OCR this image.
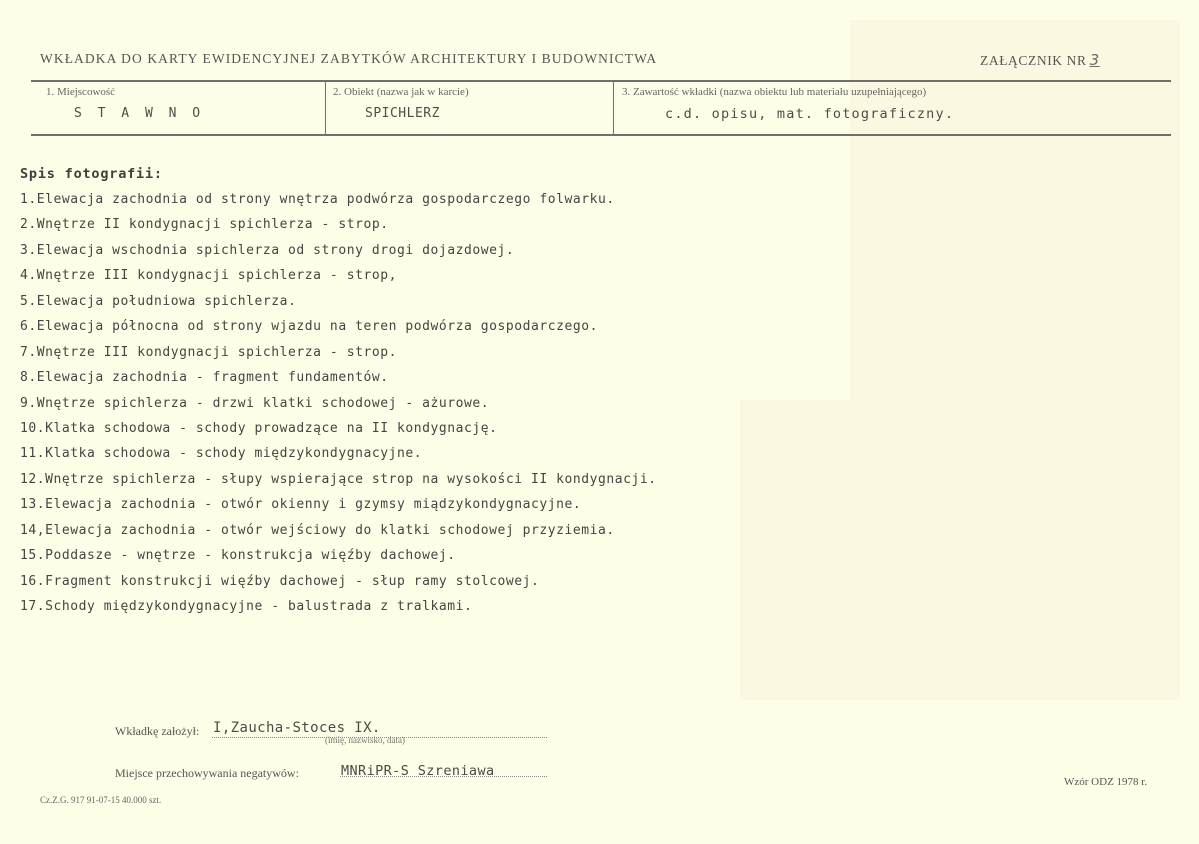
WKŁADKA DO KARTY EWIDENCYJNEJ ZABYTKÓW ARCHITEKTURY I BUDOWNICTWA	ZAŁĄCZNIK NR 3
1. Miejscowość
S T A W N O
2. Obiekt (nazwa jak w karcie)
SPICHLERZ
3. Zawartość wkładki (nazwa obiektu lub materiału uzupełniającego)
c.d. opisu, mat. fotograficzny.
Spis fotografii:
1.Elewacja zachodnia od strony wnętrza podwórza gospodarczego folwarku.
2.Wnętrze II kondygnacji spichlerza - strop.
3.Elewacja wschodnia spichlerza od strony drogi dojazdowej.
4.Wnętrze III kondygnacji spichlerza - strop,
5.Elewacja południowa spichlerza.
6.Elewacja północna od strony wjazdu na teren podwórza gospodarczego.
7.Wnętrze III kondygnacji spichlerza - strop.
8.Elewacja zachodnia - fragment fundamentów.
9.Wnętrze spichlerza - drzwi klatki schodowej - ażurowe.
10.Klatka schodowa - schody prowadzące na II kondygnację.
11.Klatka schodowa - schody międzykondygnacyjne.
12.Wnętrze spichlerza - słupy wspierające strop na wysokości II kondygnacji.
13.Elewacja zachodnia - otwór okienny i gzymsy miądzykondygnacyjne.
14,Elewacja zachodnia - otwór wejściowy do klatki schodowej przyziemia.
15.Poddasze - wnętrze - konstrukcja więźby dachowej.
16.Fragment konstrukcji więźby dachowej - słup ramy stolcowej.
17.Schody międzykondygnacyjne - balustrada z tralkami.
Wkładkę założył: I,Zaucha-Stoces IX.
(imię, nazwisko, data)
Miejsce przechowywania negatywów:	MNRiPR-S Szreniawa
Cz.Z.G. 917 91-07-15 40.000 szt.
Wzór ODZ 1978 r.
